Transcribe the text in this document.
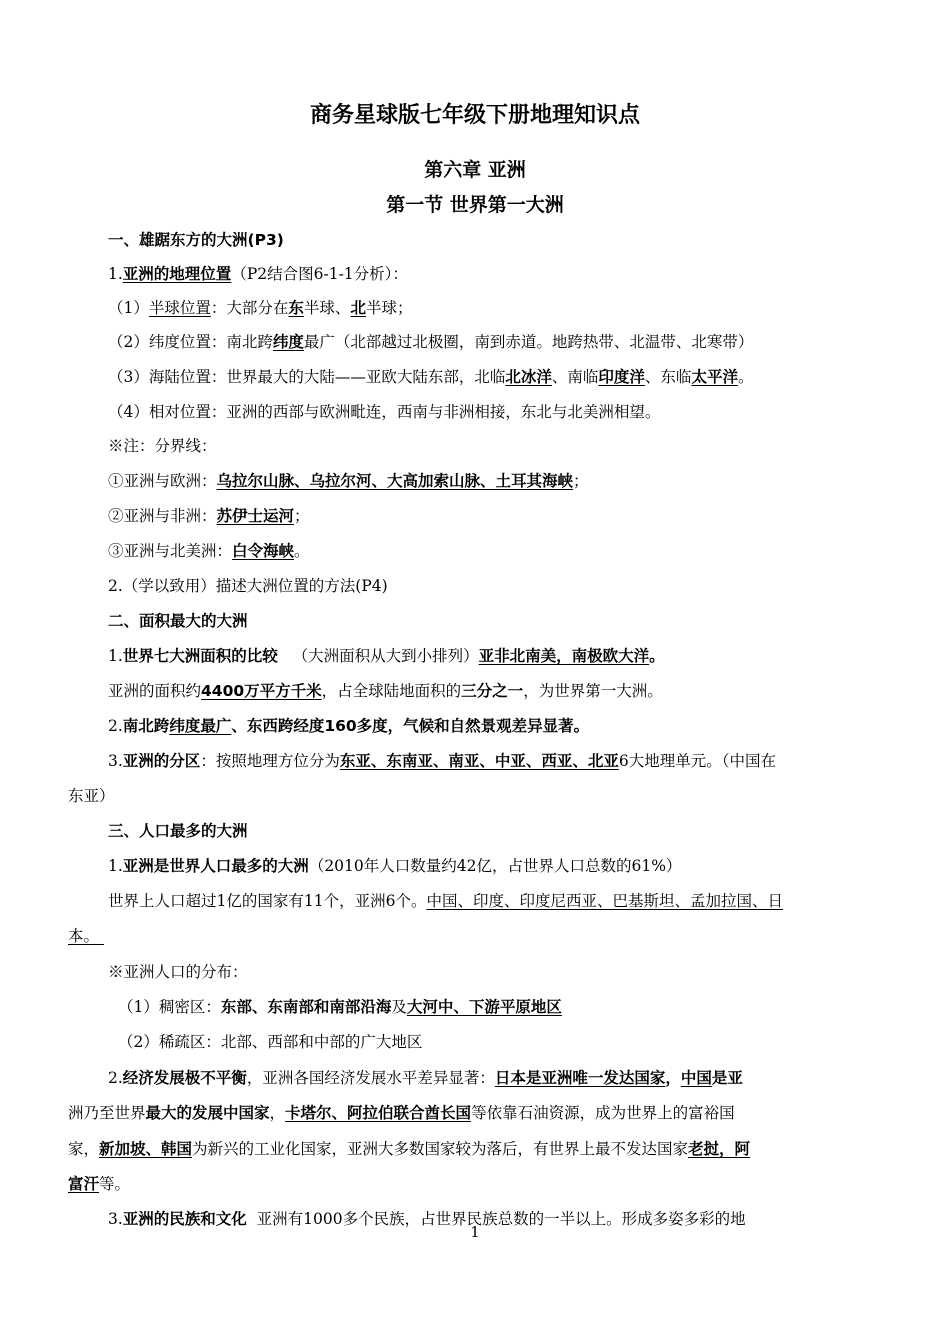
商务星球版七年级下册地理知识点
第六章 亚洲
第一节 世界第一大洲
一、雄踞东方的大洲(P3)
1.亚洲的地理位置（P2结合图6-1-1分析）：
（1）半球位置：大部分在东半球、北半球；
（2）纬度位置：南北跨纬度最广（北部越过北极圈，南到赤道。地跨热带、北温带、北寒带）
（3）海陆位置：世界最大的大陆——亚欧大陆东部，北临北冰洋、南临印度洋、东临太平洋。
（4）相对位置：亚洲的西部与欧洲毗连，西南与非洲相接，东北与北美洲相望。
※注：分界线：
①亚洲与欧洲：乌拉尔山脉、乌拉尔河、大高加索山脉、土耳其海峡；
②亚洲与非洲：苏伊士运河；
③亚洲与北美洲：白令海峡。
2.（学以致用）描述大洲位置的方法(P4)
二、面积最大的大洲
1.世界七大洲面积的比较   （大洲面积从大到小排列）亚非北南美，南极欧大洋。
亚洲的面积约4400万平方千米，占全球陆地面积的三分之一，为世界第一大洲。
2.南北跨纬度最广、东西跨经度160多度，气候和自然景观差异显著。
3.亚洲的分区：按照地理方位分为东亚、东南亚、南亚、中亚、西亚、北亚6大地理单元。（中国在
东亚）
三、人口最多的大洲
1.亚洲是世界人口最多的大洲（2010年人口数量约42亿，占世界人口总数的61%）
世界上人口超过1亿的国家有11个，亚洲6个。中国、印度、印度尼西亚、巴基斯坦、孟加拉国、日
本。
※亚洲人口的分布：
（1）稠密区：东部、东南部和南部沿海及大河中、下游平原地区
（2）稀疏区：北部、西部和中部的广大地区
2.经济发展极不平衡，亚洲各国经济发展水平差异显著：日本是亚洲唯一发达国家，中国是亚
洲乃至世界最大的发展中国家，卡塔尔、阿拉伯联合酋长国等依靠石油资源，成为世界上的富裕国
家，新加坡、韩国为新兴的工业化国家，亚洲大多数国家较为落后，有世界上最不发达国家老挝，阿
富汗等。
3.亚洲的民族和文化  亚洲有1000多个民族，占世界民族总数的一半以上。形成多姿多彩的地
1
